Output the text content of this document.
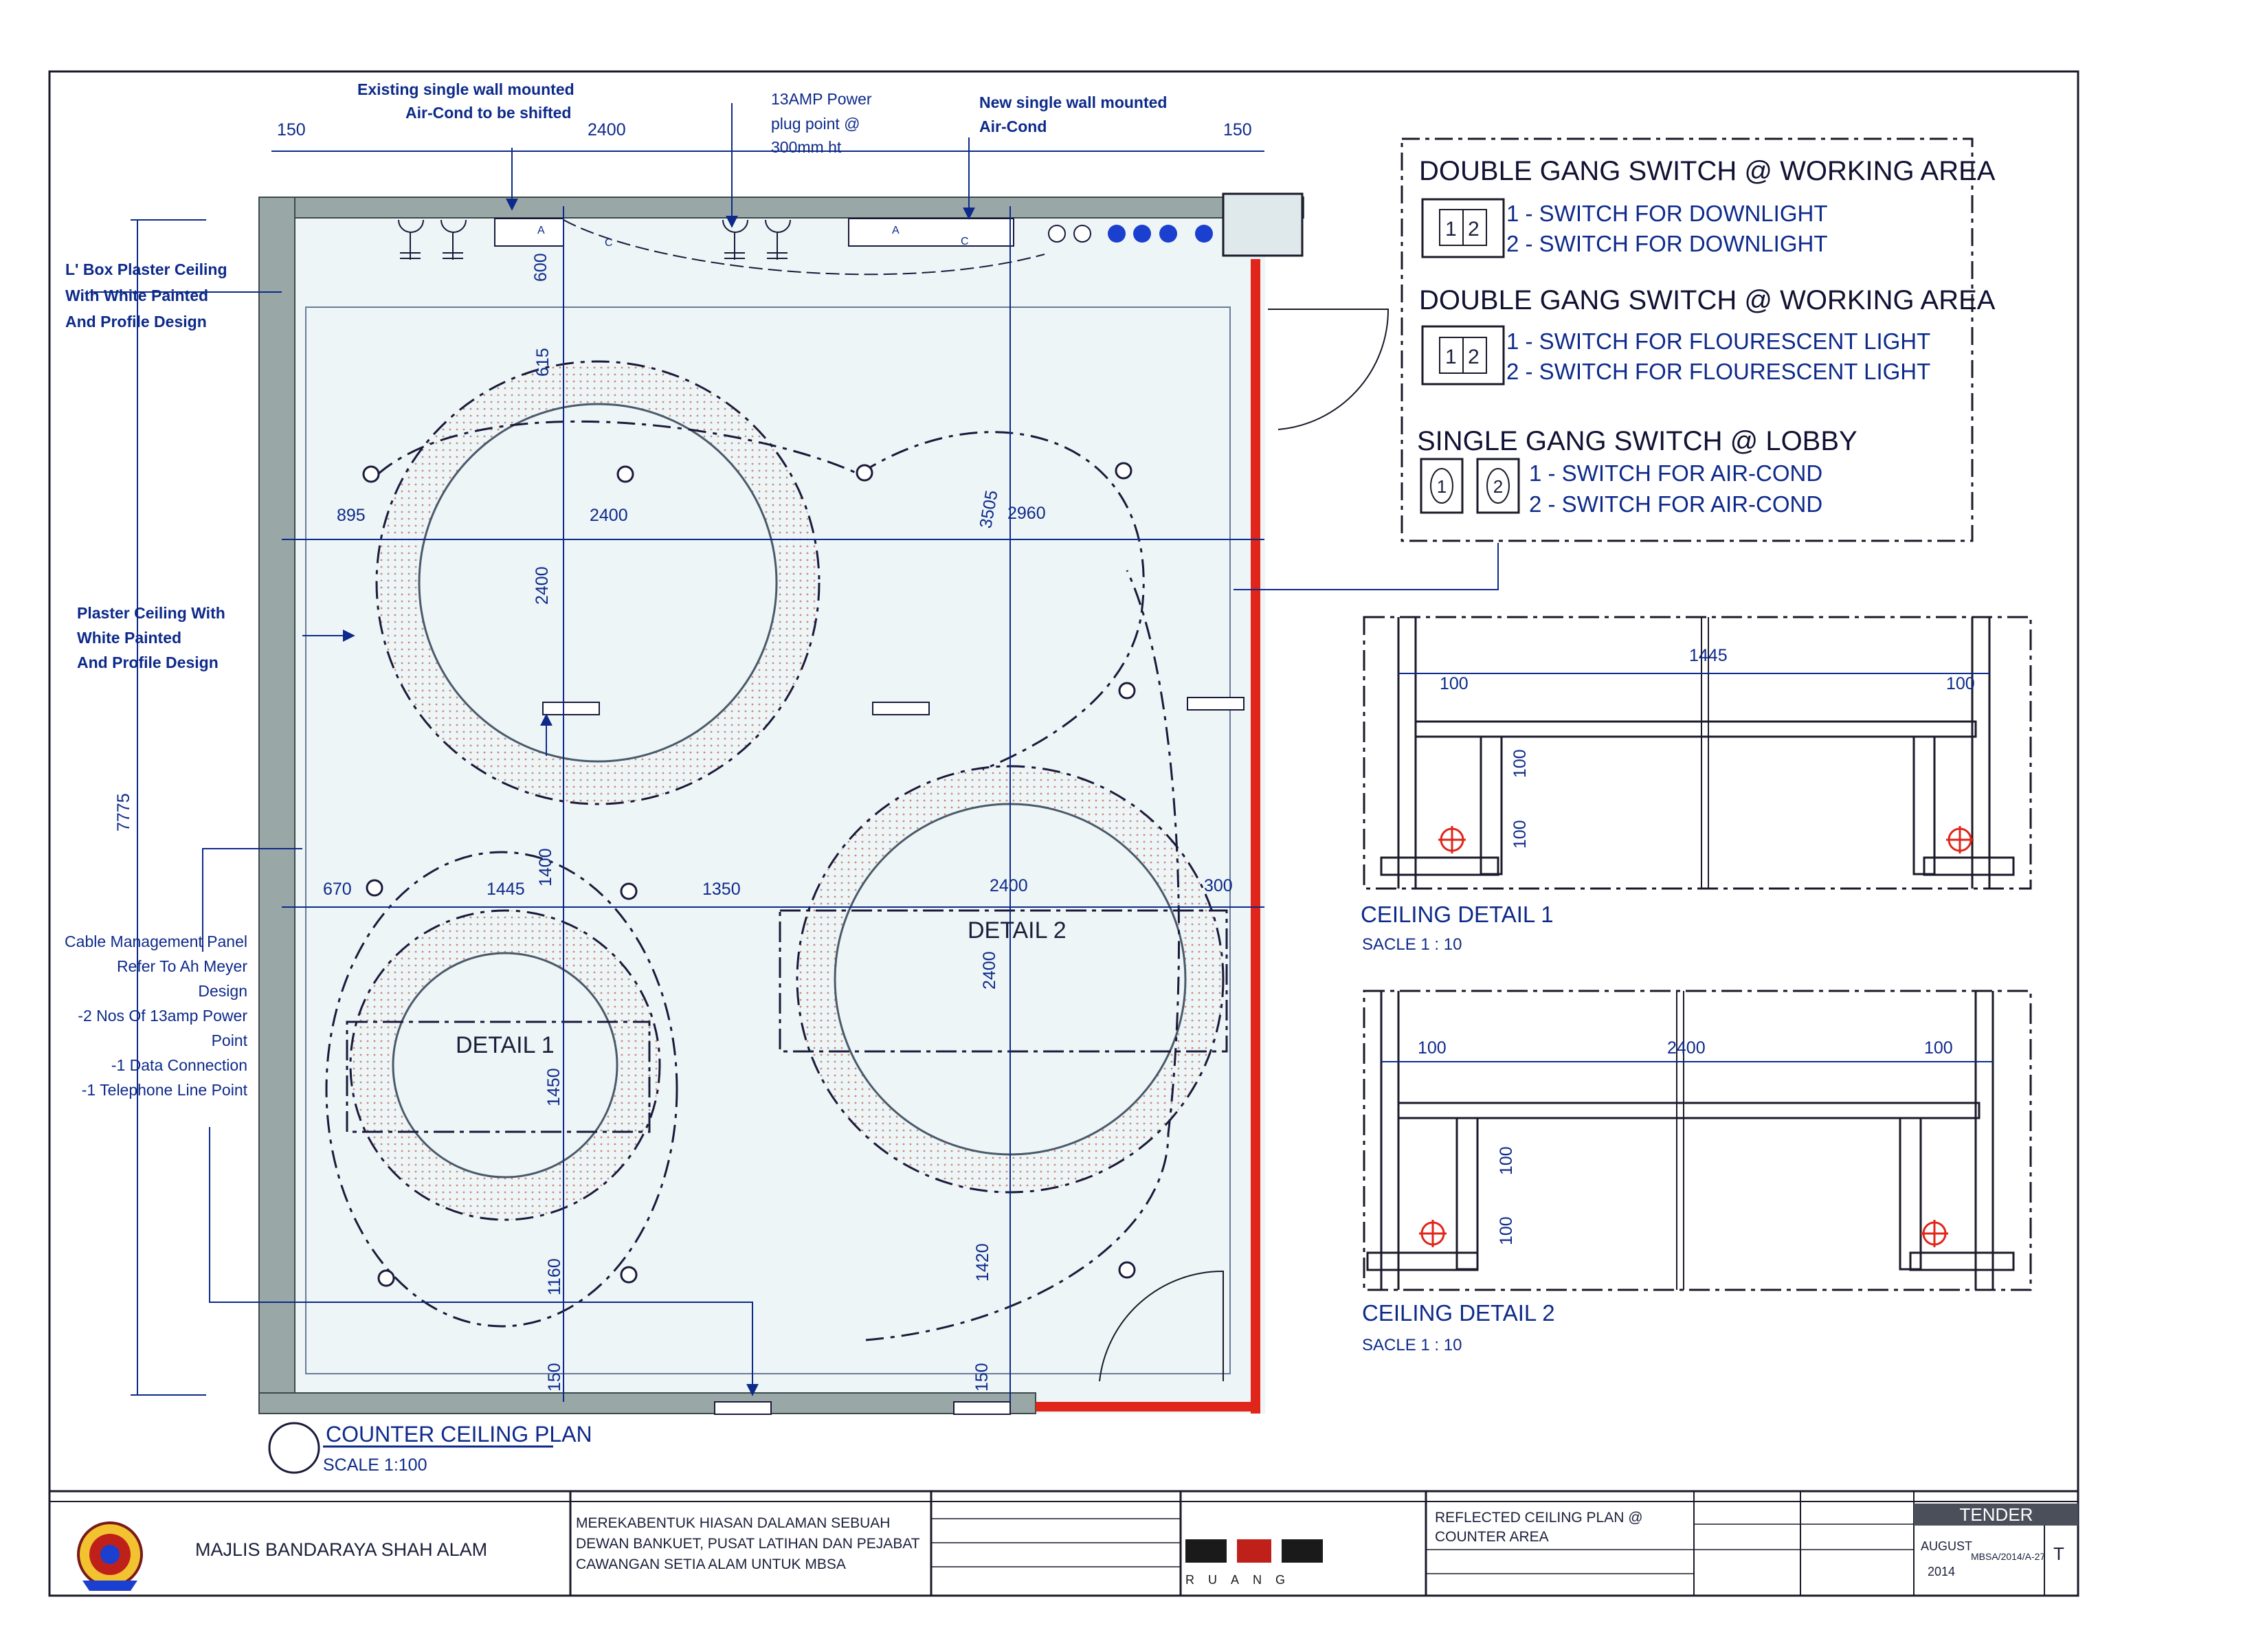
Existing single wall mounted
Air-Cond to be shifted
13AMP Power
plug point @
300mm ht
New single wall mounted
Air-Cond
L' Box Plaster Ceiling
With White Painted
And Profile Design
Plaster Ceiling With
White Painted
And Profile Design
Cable Management Panel
Refer To Ah Meyer
Design
-2 Nos Of 13amp Power
Point
-1 Data Connection
-1 Telephone Line Point
150	2400	150
600
615
895	2400
2400
3505 2960
7775
670	1445
1400
1350	2400	300
2400
1450
1160	1420
150	150
A
C
A
C
DETAIL 1
DETAIL 2
COUNTER CEILING PLAN
SCALE 1:100
DOUBLE GANG SWITCH @ WORKING AREA
1 2
1 - SWITCH FOR DOWNLIGHT
2 - SWITCH FOR DOWNLIGHT
DOUBLE GANG SWITCH @ WORKING AREA
1 2
1 - SWITCH FOR FLOURESCENT LIGHT
2 - SWITCH FOR FLOURESCENT LIGHT
SINGLE GANG SWITCH @ LOBBY
1	2
1 - SWITCH FOR AIR-COND
2 - SWITCH FOR AIR-COND
100
1445
100
100
100
CEILING DETAIL 1
SACLE 1 : 10
100	2400	100
100
100
CEILING DETAIL 2
SACLE 1 : 10
MAJLIS BANDARAYA SHAH ALAM
MEREKABENTUK HIASAN DALAMAN SEBUAH
DEWAN BANKUET, PUSAT LATIHAN DAN PEJABAT
CAWANGAN SETIA ALAM UNTUK MBSA
RUANG
REFLECTED CEILING PLAN @
COUNTER AREA
TENDER
AUGUST
2014
MBSA/2014/A-27 T
